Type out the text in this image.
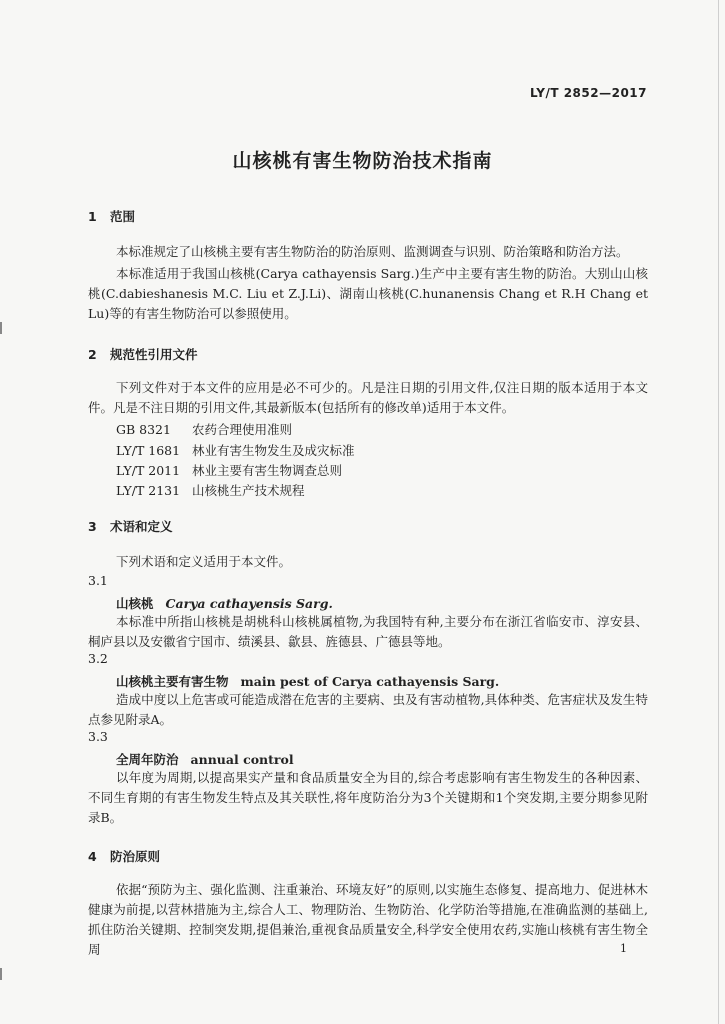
LY/T 2852—2017
山核桃有害生物防治技术指南
1 范围
本标准规定了山核桃主要有害生物防治的防治原则、监测调查与识别、防治策略和防治方法。
本标准适用于我国山核桃(Carya cathayensis Sarg.)生产中主要有害生物的防治。大别山山核桃(C.dabieshanesis M.C. Liu et Z.J.Li)、湖南山核桃(C.hunanensis Chang et R.H Chang et Lu)等的有害生物防治可以参照使用。
2 规范性引用文件
下列文件对于本文件的应用是必不可少的。凡是注日期的引用文件,仅注日期的版本适用于本文件。凡是不注日期的引用文件,其最新版本(包括所有的修改单)适用于本文件。
GB 8321 农药合理使用准则
LY/T 1681 林业有害生物发生及成灾标准
LY/T 2011 林业主要有害生物调查总则
LY/T 2131 山核桃生产技术规程
3 术语和定义
下列术语和定义适用于本文件。
3.1
山核桃 Carya cathayensis Sarg.
本标准中所指山核桃是胡桃科山核桃属植物,为我国特有种,主要分布在浙江省临安市、淳安县、桐庐县以及安徽省宁国市、绩溪县、歙县、旌德县、广德县等地。
3.2
山核桃主要有害生物 main pest of Carya cathayensis Sarg.
造成中度以上危害或可能造成潜在危害的主要病、虫及有害动植物,具体种类、危害症状及发生特点参见附录A。
3.3
全周年防治 annual control
以年度为周期,以提高果实产量和食品质量安全为目的,综合考虑影响有害生物发生的各种因素、不同生育期的有害生物发生特点及其关联性,将年度防治分为3个关键期和1个突发期,主要分期参见附录B。
4 防治原则
依据“预防为主、强化监测、注重兼治、环境友好”的原则,以实施生态修复、提高地力、促进林木健康为前提,以营林措施为主,综合人工、物理防治、生物防治、化学防治等措施,在准确监测的基础上,抓住防治关键期、控制突发期,提倡兼治,重视食品质量安全,科学安全使用农药,实施山核桃有害生物全周	1
